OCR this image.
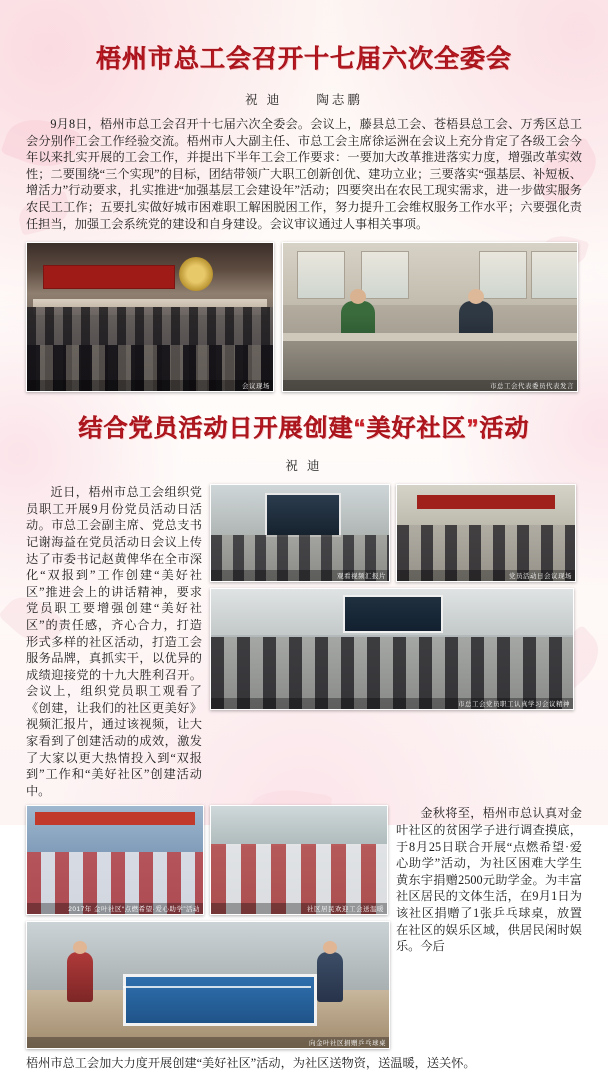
梧州市总工会召开十七届六次全委会
祝 迪	陶志鹏

9月8日，梧州市总工会召开十七届六次全委会。会议上，藤县总工会、苍梧县总工会、万秀区总工会分别作工会工作经验交流。梧州市人大副主任、市总工会主席徐运洲在会议上充分肯定了各级工会今年以来扎实开展的工会工作，并提出下半年工会工作要求：一要加大改革推进落实力度，增强改革实效性；二要围绕“三个实现”的目标，团结带领广大职工创新创优、建功立业；三要落实“强基层、补短板、增活力”行动要求，扎实推进“加强基层工会建设年”活动；四要突出在农民工现实需求，进一步做实服务农民工工作；五要扎实做好城市困难职工解困脱困工作，努力提升工会维权服务工作水平；六要强化责任担当，加强工会系统党的建设和自身建设。会议审议通过人事相关事项。

会议现场	市总工会代表委员代表发言
结合党员活动日开展创建“美好社区”活动
祝 迪

近日，梧州市总工会组织党员职工开展9月份党员活动日活动。市总工会副主席、党总支书记谢海益在党员活动日会议上传达了市委书记赵黄俾华在全市深化“双报到”工作创建“美好社区”推进会上的讲话精神，要求党员职工要增强创建“美好社区”的责任感，齐心合力，打造形式多样的社区活动，打造工会服务品牌，真抓实干，以优异的成绩迎接党的十九大胜利召开。会议上，组织党员职工观看了《创建，让我们的社区更美好》视频汇报片，通过该视频，让大家看到了创建活动的成效，激发了大家以更大热情投入到“双报到”工作和“美好社区”创建活动中。

观看视频汇报片	党员活动日会议现场
市总工会党员职工认真学习会议精神
2017年 金叶社区“点燃希望·爱心助学”活动	社区居民欢迎工会送温暖
向金叶社区捐赠乒乓球桌

金秋将至，梧州市总认真对金叶社区的贫困学子进行调查摸底，于8月25日联合开展“点燃希望·爱心助学”活动，为社区困难大学生黄东宇捐赠2500元助学金。为丰富社区居民的文体生活，在9月1日为该社区捐赠了1张乒乓球桌，放置在社区的娱乐区域，供居民闲时娱乐。今后

梧州市总工会加大力度开展创建“美好社区”活动，为社区送物资，送温暖，送关怀。
